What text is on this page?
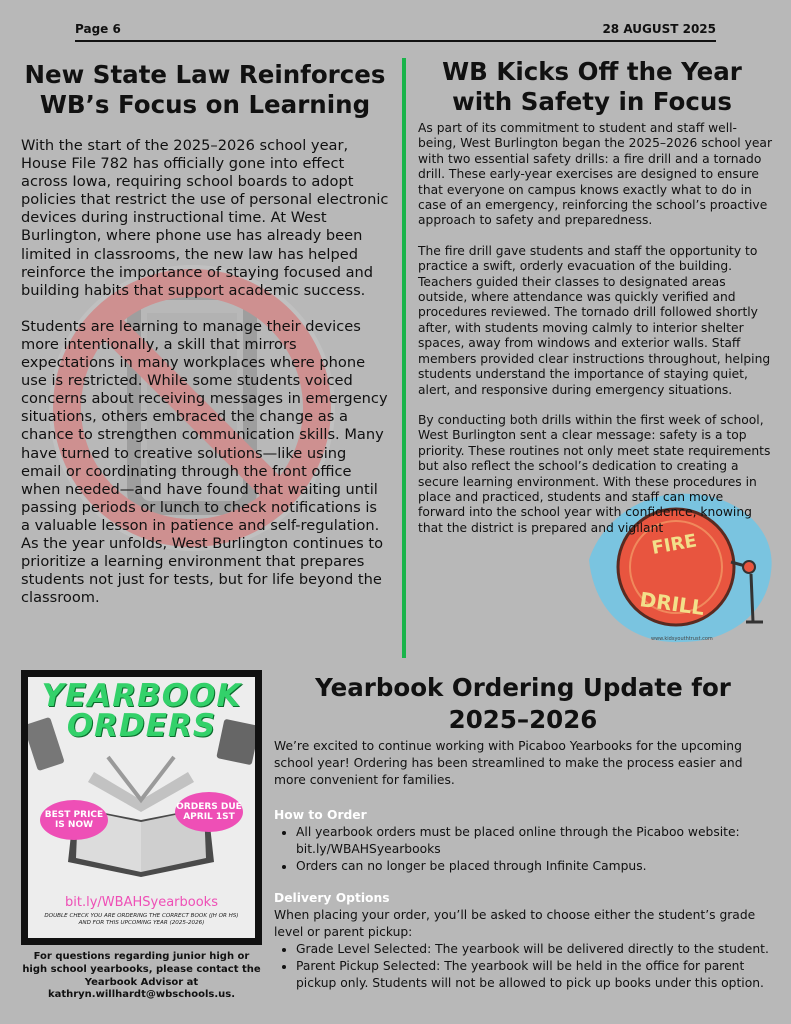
Page 6	28 AUGUST 2025
FIRE
DRILL
www.kidsyouthtrust.com
New State Law Reinforces WB’s Focus on Learning

With the start of the 2025–2026 school year, House File 782 has officially gone into effect across Iowa, requiring school boards to adopt policies that restrict the use of personal electronic devices during instructional time. At West Burlington, where phone use has already been limited in classrooms, the new law has helped reinforce the importance of staying focused and building habits that support academic success.

Students are learning to manage their devices more intentionally, a skill that mirrors expectations in many workplaces where phone use is restricted. While some students voiced concerns about receiving messages in emergency situations, others embraced the change as a chance to strengthen communication skills. Many have turned to creative solutions—like using email or coordinating through the front office when needed—and have found that waiting until passing periods or lunch to check notifications is a valuable lesson in patience and self-regulation. As the year unfolds, West Burlington continues to prioritize a learning environment that prepares students not just for tests, but for life beyond the classroom.

WB Kicks Off the Year with Safety in Focus

As part of its commitment to student and staff well-being, West Burlington began the 2025–2026 school year with two essential safety drills: a fire drill and a tornado drill. These early-year exercises are designed to ensure that everyone on campus knows exactly what to do in case of an emergency, reinforcing the school’s proactive approach to safety and preparedness.

The fire drill gave students and staff the opportunity to practice a swift, orderly evacuation of the building. Teachers guided their classes to designated areas outside, where attendance was quickly verified and procedures reviewed. The tornado drill followed shortly after, with students moving calmly to interior shelter spaces, away from windows and exterior walls. Staff members provided clear instructions throughout, helping students understand the importance of staying quiet, alert, and responsive during emergency situations.

By conducting both drills within the first week of school, West Burlington sent a clear message: safety is a top priority. These routines not only meet state requirements but also reflect the school’s dedication to creating a secure learning environment. With these procedures in place and practiced, students and staff can move forward into the school year with confidence, knowing that the district is prepared and vigilant

YEARBOOK
ORDERS
BEST PRICE IS NOW
ORDERS DUE APRIL 1ST
bit.ly/WBAHSyearbooks
DOUBLE CHECK YOU ARE ORDERING THE CORRECT BOOK (JH OR HS) AND FOR THIS UPCOMING YEAR (2025-2026)
For questions regarding junior high or high school yearbooks, please contact the Yearbook Advisor at kathryn.willhardt@wbschools.us.
Yearbook Ordering Update for 2025–2026

We’re excited to continue working with Picaboo Yearbooks for the upcoming school year! Ordering has been streamlined to make the process easier and more convenient for families.

How to Order

• All yearbook orders must be placed online through the Picaboo website: bit.ly/WBAHSyearbooks
• Orders can no longer be placed through Infinite Campus.

Delivery Options

When placing your order, you’ll be asked to choose either the student’s grade level or parent pickup:

• Grade Level Selected: The yearbook will be delivered directly to the student.
• Parent Pickup Selected: The yearbook will be held in the office for parent pickup only. Students will not be allowed to pick up books under this option.
